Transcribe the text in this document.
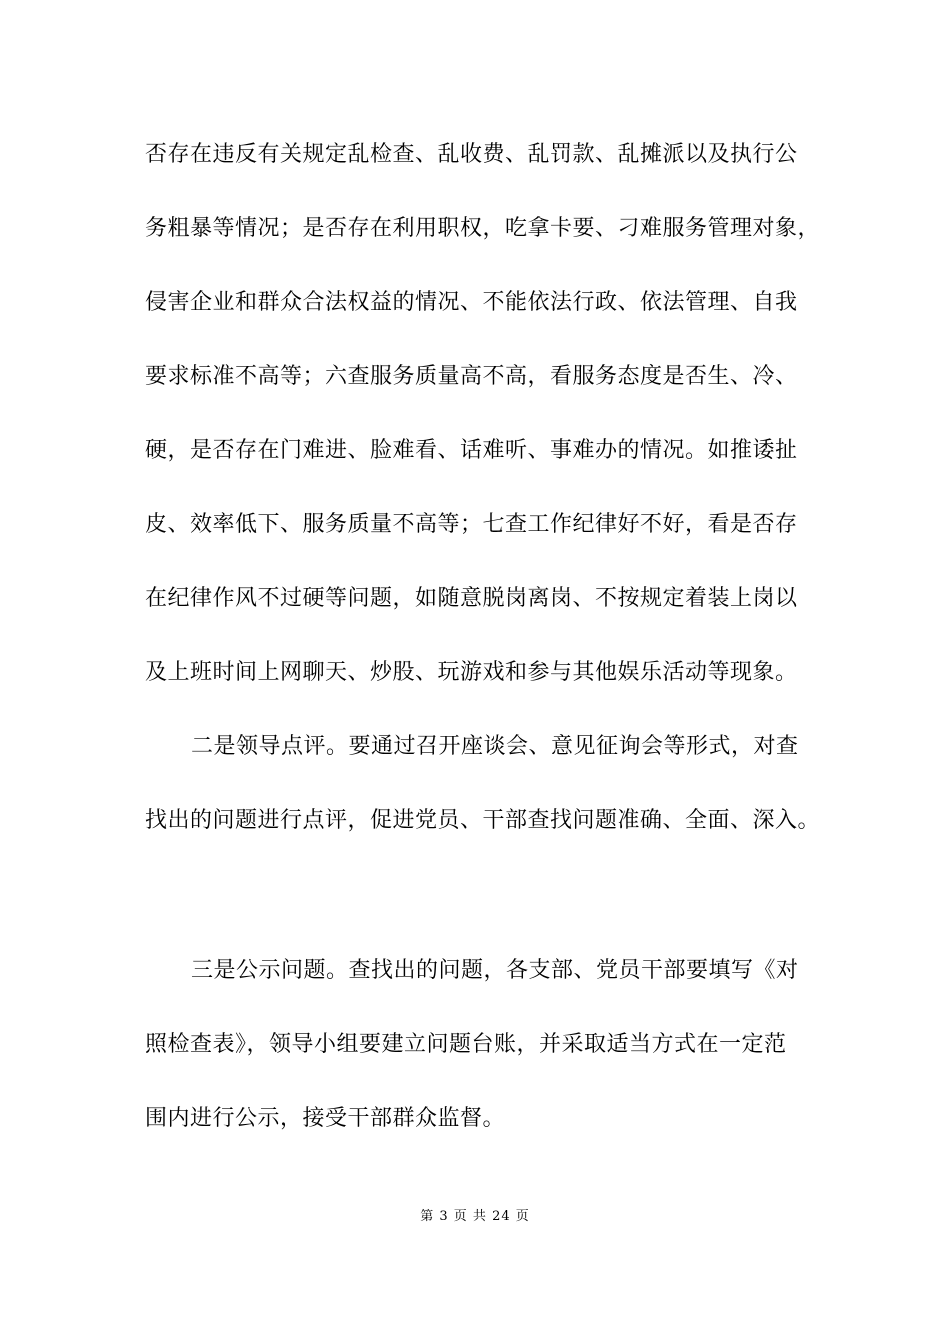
否存在违反有关规定乱检查、乱收费、乱罚款、乱摊派以及执行公
务粗暴等情况；是否存在利用职权，吃拿卡要、刁难服务管理对象，
侵害企业和群众合法权益的情况、不能依法行政、依法管理、自我
要求标准不高等；六查服务质量高不高，看服务态度是否生、冷、
硬，是否存在门难进、脸难看、话难听、事难办的情况。如推诿扯
皮、效率低下、服务质量不高等；七查工作纪律好不好，看是否存
在纪律作风不过硬等问题，如随意脱岗离岗、不按规定着装上岗以
及上班时间上网聊天、炒股、玩游戏和参与其他娱乐活动等现象。
二是领导点评。要通过召开座谈会、意见征询会等形式，对查
找出的问题进行点评，促进党员、干部查找问题准确、全面、深入。
三是公示问题。查找出的问题，各支部、党员干部要填写《对
照检查表》，领导小组要建立问题台账，并采取适当方式在一定范
围内进行公示，接受干部群众监督。
第 3 页 共 24 页
